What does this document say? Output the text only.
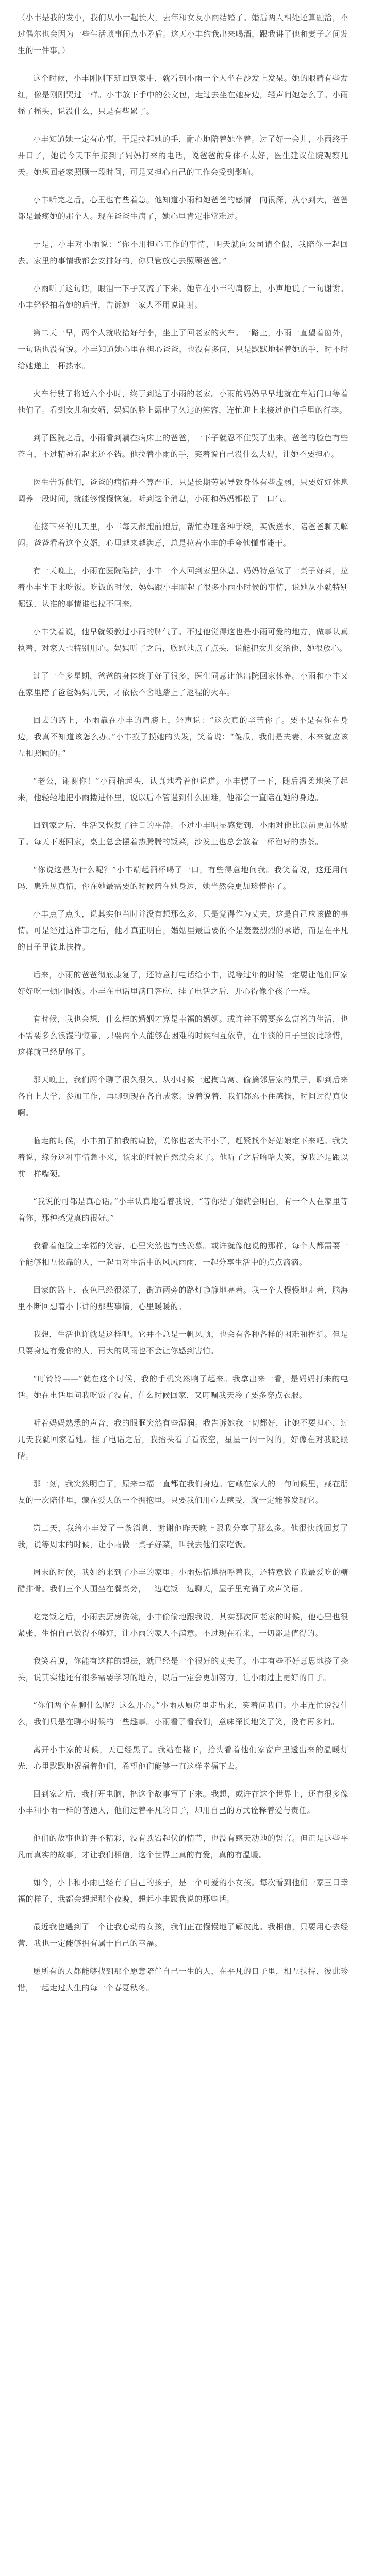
（小丰是我的发小，我们从小一起长大，去年和女友小雨结婚了。婚后两人相处还算融洽，不过偶尔也会因为一些生活琐事闹点小矛盾。这天小丰约我出来喝酒，跟我讲了他和妻子之间发生的一件事。）

这个时候，小丰刚刚下班回到家中，就看到小雨一个人坐在沙发上发呆。她的眼睛有些发红，像是刚刚哭过一样。小丰放下手中的公文包，走过去坐在她身边，轻声问她怎么了。小雨摇了摇头，说没什么，只是有些累了。

小丰知道她一定有心事，于是拉起她的手，耐心地陪着她坐着。过了好一会儿，小雨终于开口了，她说今天下午接到了妈妈打来的电话，说爸爸的身体不太好，医生建议住院观察几天。她想回老家照顾一段时间，可是又担心自己的工作会受到影响。

小丰听完之后，心里也有些着急。他知道小雨和她爸爸的感情一向很深，从小到大，爸爸都是最疼她的那个人。现在爸爸生病了，她心里肯定非常难过。

于是，小丰对小雨说：“你不用担心工作的事情，明天就向公司请个假，我陪你一起回去。家里的事情我都会安排好的，你只管放心去照顾爸爸。”

小雨听了这句话，眼泪一下子又流了下来。她靠在小丰的肩膀上，小声地说了一句谢谢。小丰轻轻拍着她的后背，告诉她一家人不用说谢谢。

第二天一早，两个人就收拾好行李，坐上了回老家的火车。一路上，小雨一直望着窗外，一句话也没有说。小丰知道她心里在担心爸爸，也没有多问，只是默默地握着她的手，时不时给她递上一杯热水。

火车行驶了将近六个小时，终于到达了小雨的老家。小雨的妈妈早早地就在车站门口等着他们了。看到女儿和女婿，妈妈的脸上露出了久违的笑容，连忙迎上来接过他们手里的行李。

到了医院之后，小雨看到躺在病床上的爸爸，一下子就忍不住哭了出来。爸爸的脸色有些苍白，不过精神看起来还不错。他拉着小雨的手，笑着说自己没什么大碍，让她不要担心。

医生告诉他们，爸爸的病情并不算严重，只是长期劳累导致身体有些虚弱，只要好好休息调养一段时间，就能够慢慢恢复。听到这个消息，小雨和妈妈都松了一口气。

在接下来的几天里，小丰每天都跑前跑后，帮忙办理各种手续，买饭送水，陪爸爸聊天解闷。爸爸看着这个女婿，心里越来越满意，总是拉着小丰的手夸他懂事能干。

有一天晚上，小雨在医院陪护，小丰一个人回到家里休息。妈妈特意做了一桌子好菜，拉着小丰坐下来吃饭。吃饭的时候，妈妈跟小丰聊起了很多小雨小时候的事情，说她从小就特别倔强，认准的事情谁也拉不回来。

小丰笑着说，他早就领教过小雨的脾气了。不过他觉得这也是小雨可爱的地方，做事认真执着，对家人也特别用心。妈妈听了之后，欣慰地点了点头，说能把女儿交给他，她很放心。

过了一个多星期，爸爸的身体终于好了很多，医生同意让他出院回家休养。小雨和小丰又在家里陪了爸爸妈妈几天，才依依不舍地踏上了返程的火车。

回去的路上，小雨靠在小丰的肩膀上，轻声说：“这次真的辛苦你了。要不是有你在身边，我真不知道该怎么办。”小丰摸了摸她的头发，笑着说：“傻瓜，我们是夫妻，本来就应该互相照顾的。”

“老公，谢谢你！”小雨抬起头，认真地看着他说道。小丰愣了一下，随后温柔地笑了起来，他轻轻地把小雨搂进怀里，说以后不管遇到什么困难，他都会一直陪在她的身边。

回到家之后，生活又恢复了往日的平静。不过小丰明显感觉到，小雨对他比以前更加体贴了。每天下班回家，桌上总会摆着热腾腾的饭菜，沙发上也总会放着一杯泡好的热茶。

“你说这是为什么呢？”小丰端起酒杯喝了一口，有些得意地问我。我笑着说，这还用问吗，患难见真情，你在她最需要的时候陪在她身边，她当然会更加珍惜你了。

小丰点了点头，说其实他当时并没有想那么多，只是觉得作为丈夫，这是自己应该做的事情。可是经过这件事之后，他才真正明白，婚姻里最重要的不是轰轰烈烈的承诺，而是在平凡的日子里彼此扶持。

后来，小雨的爸爸彻底康复了，还特意打电话给小丰，说等过年的时候一定要让他们回家好好吃一顿团圆饭。小丰在电话里满口答应，挂了电话之后，开心得像个孩子一样。

有时候，我也会想，什么样的婚姻才算是幸福的婚姻。或许并不需要多么富裕的生活，也不需要多么浪漫的惊喜，只要两个人能够在困难的时候相互依靠，在平淡的日子里彼此珍惜，这样就已经足够了。

那天晚上，我们两个聊了很久很久。从小时候一起掏鸟窝、偷摘邻居家的果子，聊到后来各自上大学、参加工作，再聊到现在各自成家。说着说着，我们都忍不住感慨，时间过得真快啊。

临走的时候，小丰拍了拍我的肩膀，说你也老大不小了，赶紧找个好姑娘定下来吧。我笑着说，缘分这种事情急不来，该来的时候自然就会来了。他听了之后哈哈大笑，说我还是跟以前一样嘴硬。

“我说的可都是真心话。”小丰认真地看着我说，“等你结了婚就会明白，有一个人在家里等着你，那种感觉真的很好。”

我看着他脸上幸福的笑容，心里突然也有些羡慕。或许就像他说的那样，每个人都需要一个能够相互依靠的人，一起面对生活中的风风雨雨，一起分享生活中的点点滴滴。

回家的路上，夜色已经很深了，街道两旁的路灯静静地亮着。我一个人慢慢地走着，脑海里不断回想着小丰讲的那些事情，心里暖暖的。

我想，生活也许就是这样吧。它并不总是一帆风顺，也会有各种各样的困难和挫折。但是只要身边有爱你的人，再大的风雨也不会让你感到害怕。

“叮铃铃——”就在这个时候，我的手机突然响了起来。我拿出来一看，是妈妈打来的电话。她在电话里问我吃饭了没有，什么时候回家，又叮嘱我天冷了要多穿点衣服。

听着妈妈熟悉的声音，我的眼眶突然有些湿润。我告诉她我一切都好，让她不要担心，过几天我就回家看她。挂了电话之后，我抬头看了看夜空，星星一闪一闪的，好像在对我眨眼睛。

那一刻，我突然明白了，原来幸福一直都在我们身边。它藏在家人的一句问候里，藏在朋友的一次陪伴里，藏在爱人的一个拥抱里。只要我们用心去感受，就一定能够发现它。

第二天，我给小丰发了一条消息，谢谢他昨天晚上跟我分享了那么多。他很快就回复了我，说等周末的时候，让小雨做一桌子好菜，叫我去他们家吃饭。

周末的时候，我如约来到了小丰的家里。小雨热情地招呼着我，还特意做了我最爱吃的糖醋排骨。我们三个人围坐在餐桌旁，一边吃饭一边聊天，屋子里充满了欢声笑语。

吃完饭之后，小雨去厨房洗碗，小丰偷偷地跟我说，其实那次回老家的时候，他心里也很紧张，生怕自己做得不够好，让小雨的家人不满意。不过现在看来，一切都是值得的。

我笑着说，你能有这样的想法，就已经是一个很好的丈夫了。小丰有些不好意思地挠了挠头，说其实他还有很多需要学习的地方，以后一定会更加努力，让小雨过上更好的日子。

“你们两个在聊什么呢？这么开心。”小雨从厨房里走出来，笑着问我们。小丰连忙说没什么，我们只是在聊小时候的一些趣事。小雨看了看我们，意味深长地笑了笑，没有再多问。

离开小丰家的时候，天已经黑了。我站在楼下，抬头看着他们家窗户里透出来的温暖灯光，心里默默地祝福着他们，希望他们能够一直这样幸福下去。

回到家之后，我打开电脑，把这个故事写了下来。我想，或许在这个世界上，还有很多像小丰和小雨一样的普通人，他们过着平凡的日子，却用自己的方式诠释着爱与责任。

他们的故事也许并不精彩，没有跌宕起伏的情节，也没有感天动地的誓言。但正是这些平凡而真实的故事，才让我们相信，这个世界上真的有爱，真的有温暖。

如今，小丰和小雨已经有了自己的孩子，是一个可爱的小女孩。每次看到他们一家三口幸福的样子，我都会想起那个夜晚，想起小丰跟我说的那些话。

最近我也遇到了一个让我心动的女孩，我们正在慢慢地了解彼此。我相信，只要用心去经营，我也一定能够拥有属于自己的幸福。

愿所有的人都能够找到那个愿意陪伴自己一生的人，在平凡的日子里，相互扶持，彼此珍惜，一起走过人生的每一个春夏秋冬。
